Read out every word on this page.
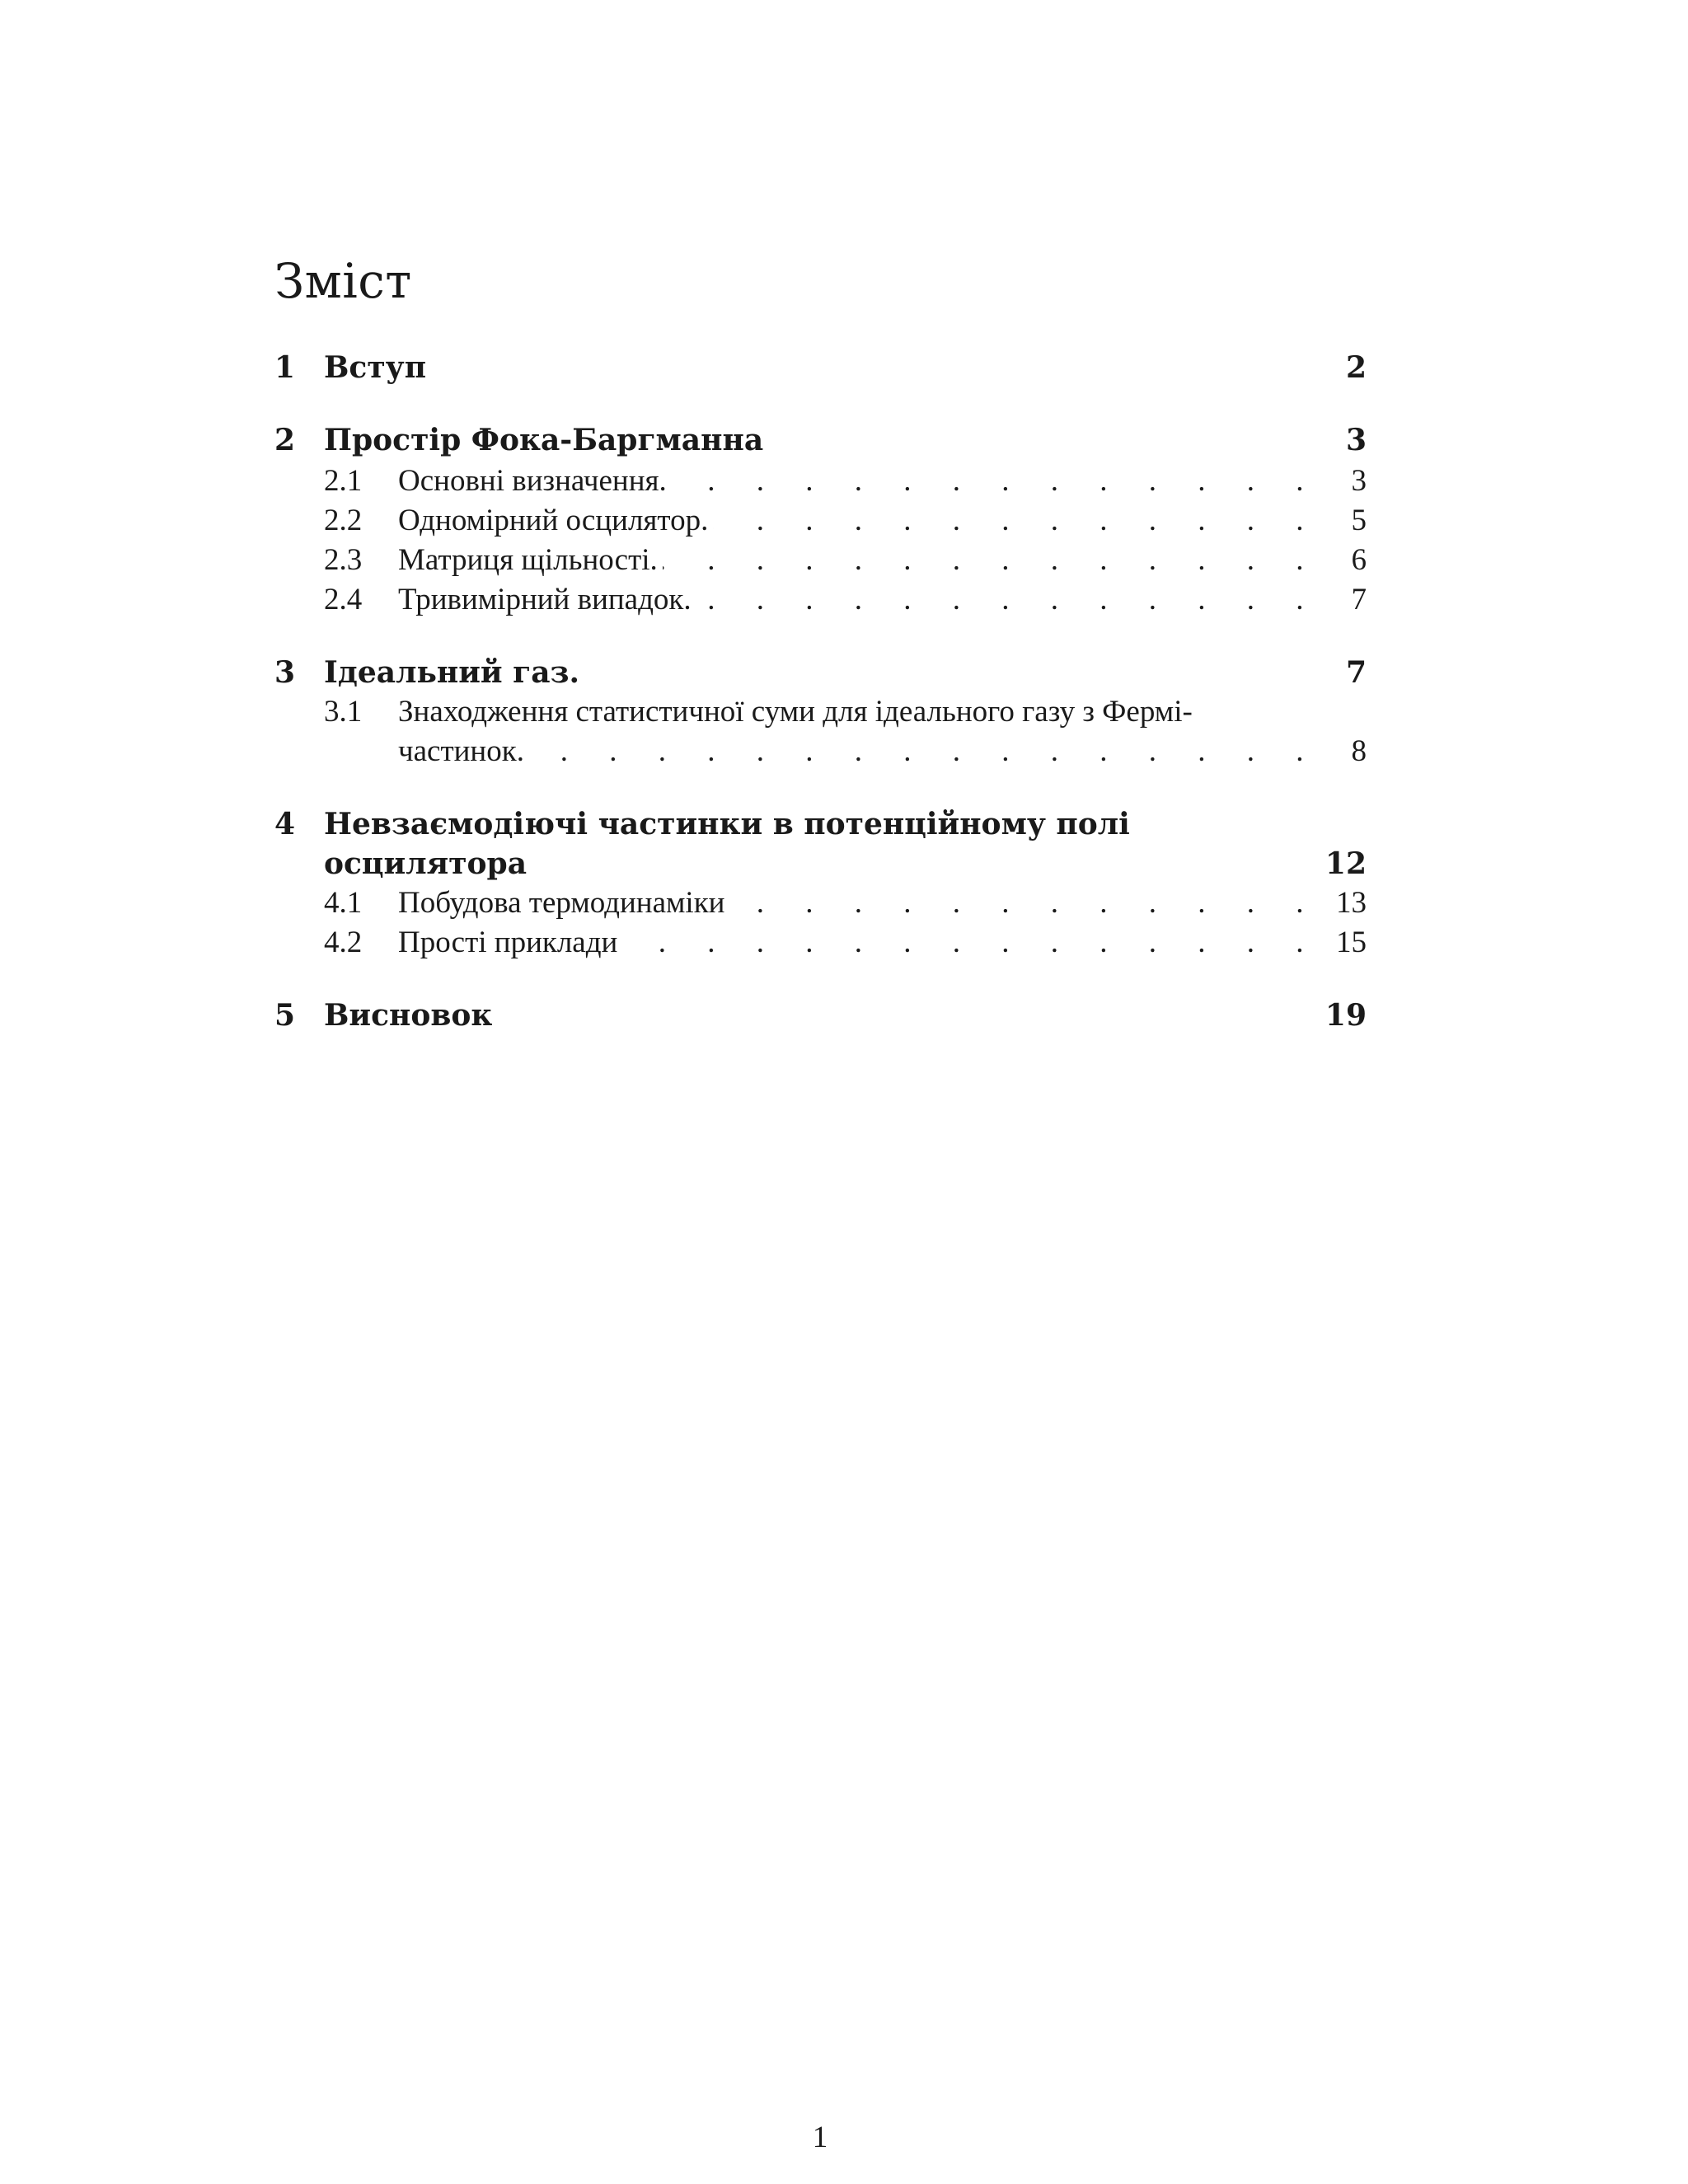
Зміст
1 Вступ	2
2 Простір Фока-Баргманна	3
. . .
2.1 Основні визначення.	3
. . .
2.2 Одномірний осцилятор.	5
. . .
2.3 Матриця щільності.	6
. . .
2.4 Тривимірний випадок.	7
3 Ідеальний газ.	7
3.1 Знаходження статистичної суми для ідеального газу з Фермі-
. . .
частинок.	8
4 Невзаємодіючі частинки в потенційному полі
осцилятора	12
. . .
4.1 Побудова термодинаміки	13
. . .
4.2 Прості приклади	15
5 Висновок	19
1
